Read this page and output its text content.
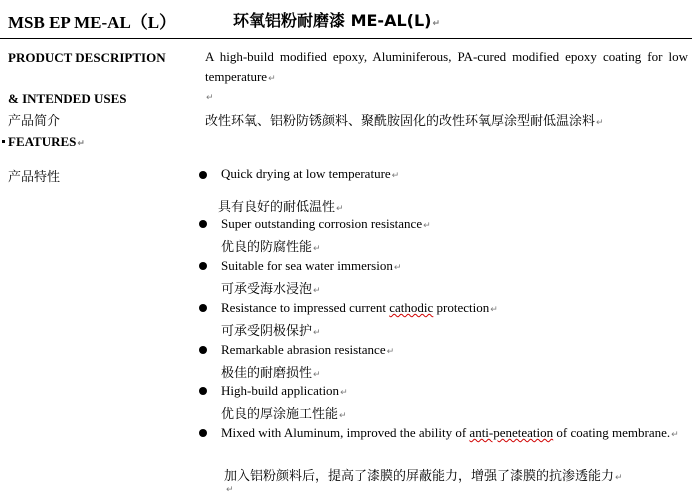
MSB EP ME-AL（L）	环氧铝粉耐磨漆 ME-AL(L)↵
PRODUCT DESCRIPTION	A high-build modified epoxy, Aluminiferous, PA-cured modified epoxy coating for low temperature↵
& INTENDED USES	↵
产品简介	改性环氧、铝粉防锈颜料、聚酰胺固化的改性环氧厚涂型耐低温涂料↵
FEATURES↵
产品特性	Quick drying at low temperature↵
具有良好的耐低温性↵
Super outstanding corrosion resistance↵
优良的防腐性能↵
Suitable for sea water immersion↵
可承受海水浸泡↵
Resistance to impressed current cathodic protection↵
可承受阴极保护↵
Remarkable abrasion resistance↵
极佳的耐磨损性↵
High-build application↵
优良的厚涂施工性能↵
Mixed with Aluminum, improved the ability of anti-peneteation of coating membrane.↵
加入铝粉颜料后，提高了漆膜的屏蔽能力，增强了漆膜的抗渗透能力↵
↵
